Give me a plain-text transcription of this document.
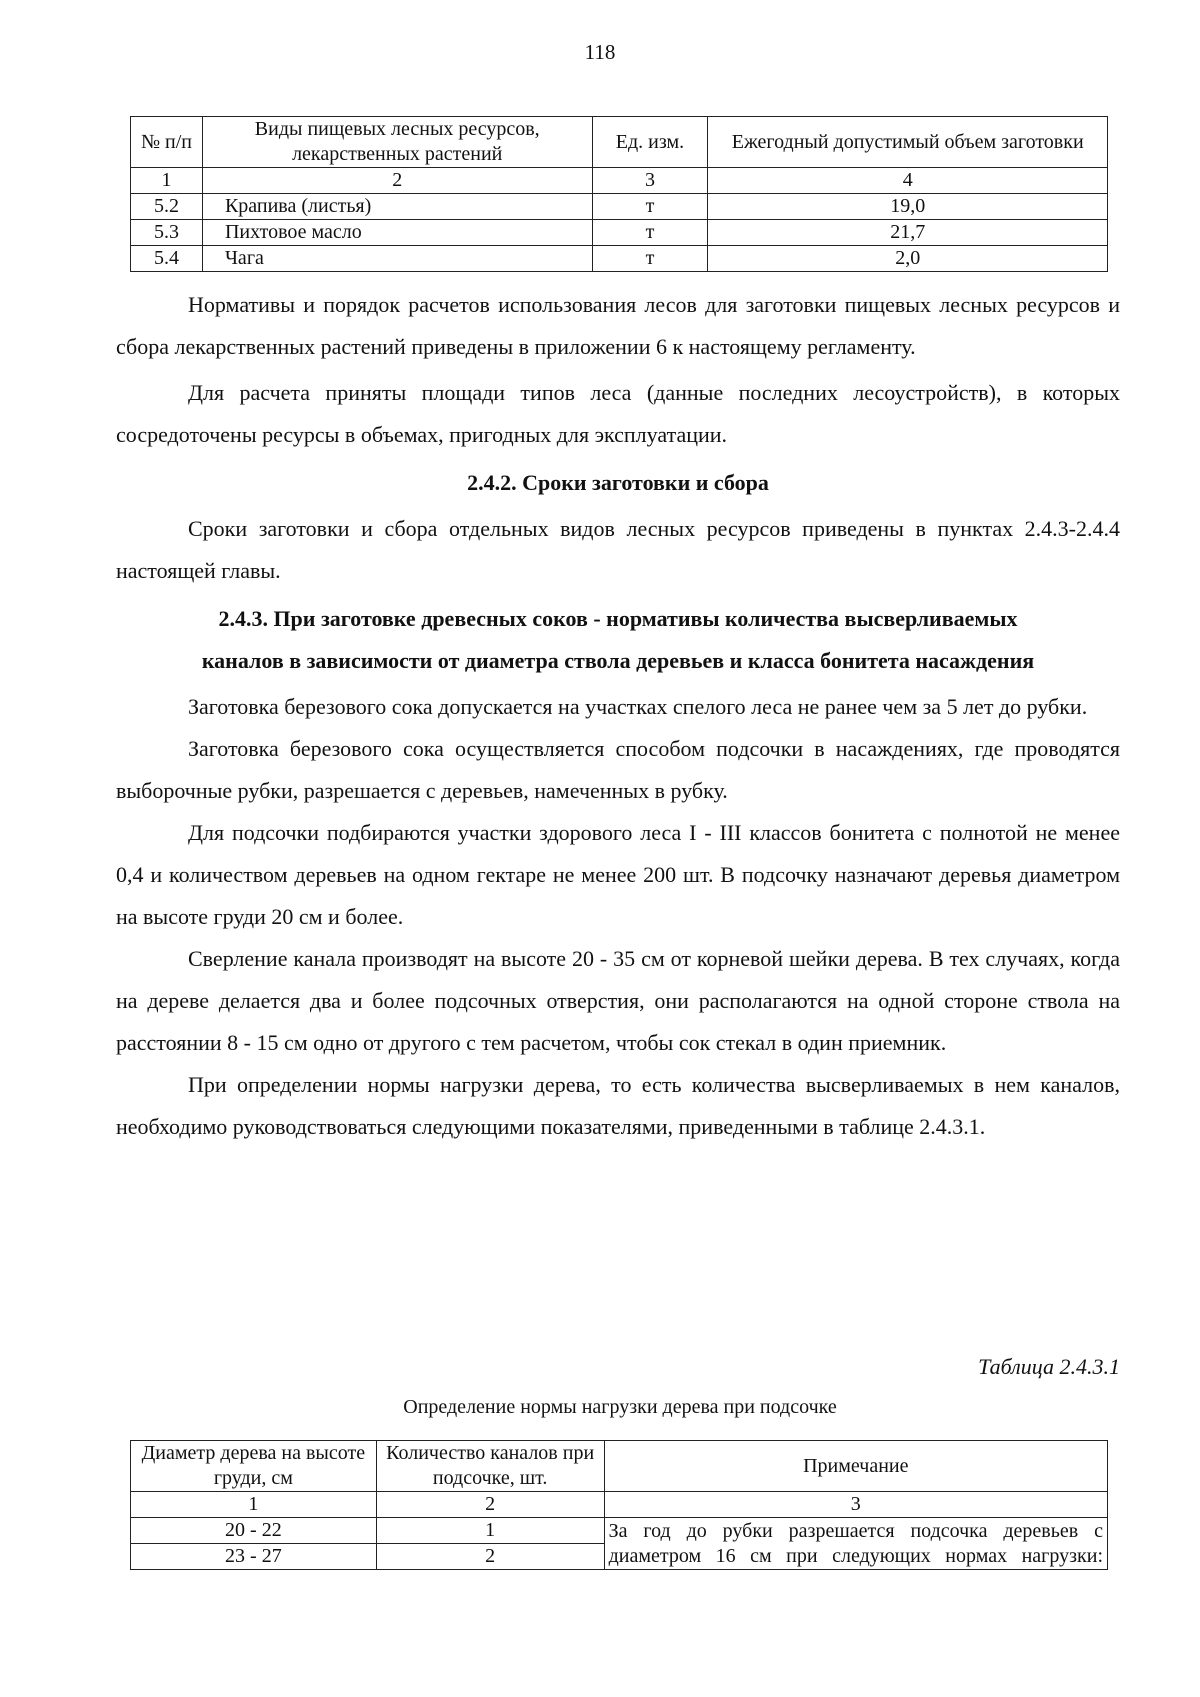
118
№ п/п	Виды пищевых лесных ресурсов, лекарственных растений	Ед. изм.	Ежегодный допустимый объем заготовки
1	2	3	4
5.2	Крапива (листья)	т	19,0
5.3	Пихтовое масло	т	21,7
5.4	Чага	т	2,0

Нормативы и порядок расчетов использования лесов для заготовки пищевых лесных ресурсов и сбора лекарственных растений приведены в приложении 6 к настоящему регламенту.

Для расчета приняты площади типов леса (данные последних лесоустройств), в которых сосредоточены ресурсы в объемах, пригодных для эксплуатации.

2.4.2. Сроки заготовки и сбора

Сроки заготовки и сбора отдельных видов лесных ресурсов приведены в пунктах 2.4.3-2.4.4 настоящей главы.

2.4.3. При заготовке древесных соков - нормативы количества высверливаемых

каналов в зависимости от диаметра ствола деревьев и класса бонитета насаждения

Заготовка березового сока допускается на участках спелого леса не ранее чем за 5 лет до рубки.

Заготовка березового сока осуществляется способом подсочки в насаждениях, где проводятся выборочные рубки, разрешается с деревьев, намеченных в рубку.

Для подсочки подбираются участки здорового леса I - III классов бонитета с полнотой не менее 0,4 и количеством деревьев на одном гектаре не менее 200 шт. В подсочку назначают деревья диаметром на высоте груди 20 см и более.

Сверление канала производят на высоте 20 - 35 см от корневой шейки дерева. В тех случаях, когда на дереве делается два и более подсочных отверстия, они располагаются на одной стороне ствола на расстоянии 8 - 15 см одно от другого с тем расчетом, чтобы сок стекал в один приемник.

При определении нормы нагрузки дерева, то есть количества высверливаемых в нем каналов, необходимо руководствоваться следующими показателями, приведенными в таблице 2.4.3.1.

Таблица 2.4.3.1
Определение нормы нагрузки дерева при подсочке
Диаметр дерева на высоте груди, см	Количество каналов при подсочке, шт.	Примечание
1	2	3
20 - 22	1	За год до рубки разрешается подсочка деревьев с
диаметром 16 см при следующих нормах нагрузки:

23 - 27	2	
